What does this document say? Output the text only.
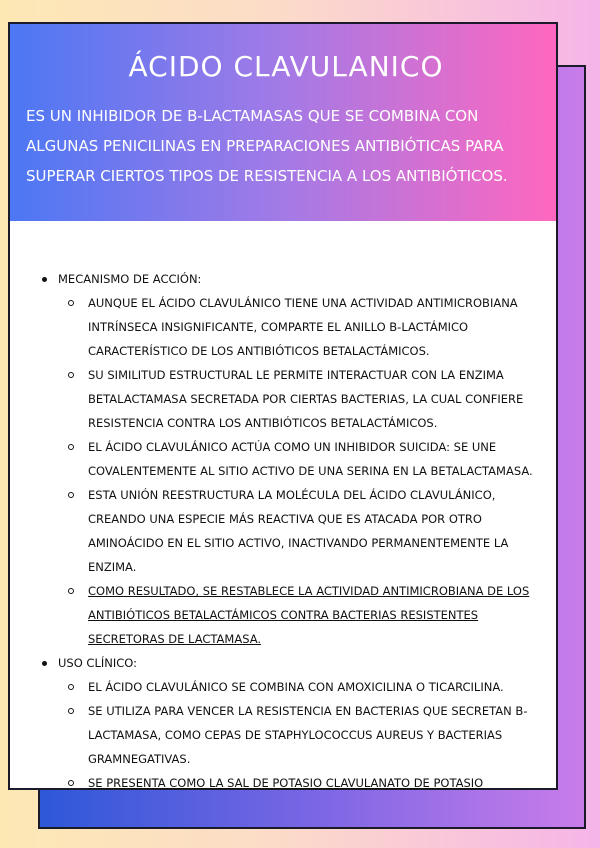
ÁCIDO CLAVULANICO

ES UN INHIBIDOR DE B-LACTAMASAS QUE SE COMBINA CON ALGUNAS PENICILINAS EN PREPARACIONES ANTIBIÓTICAS PARA SUPERAR CIERTOS TIPOS DE RESISTENCIA A LOS ANTIBIÓTICOS.

MECANISMO DE ACCIÓN:
AUNQUE EL ÁCIDO CLAVULÁNICO TIENE UNA ACTIVIDAD ANTIMICROBIANA INTRÍNSECA INSIGNIFICANTE, COMPARTE EL ANILLO B-LACTÁMICO CARACTERÍSTICO DE LOS ANTIBIÓTICOS BETALACTÁMICOS.
SU SIMILITUD ESTRUCTURAL LE PERMITE INTERACTUAR CON LA ENZIMA BETALACTAMASA SECRETADA POR CIERTAS BACTERIAS, LA CUAL CONFIERE RESISTENCIA CONTRA LOS ANTIBIÓTICOS BETALACTÁMICOS.
EL ÁCIDO CLAVULÁNICO ACTÚA COMO UN INHIBIDOR SUICIDA: SE UNE COVALENTEMENTE AL SITIO ACTIVO DE UNA SERINA EN LA BETALACTAMASA.
ESTA UNIÓN REESTRUCTURA LA MOLÉCULA DEL ÁCIDO CLAVULÁNICO, CREANDO UNA ESPECIE MÁS REACTIVA QUE ES ATACADA POR OTRO AMINOÁCIDO EN EL SITIO ACTIVO, INACTIVANDO PERMANENTEMENTE LA ENZIMA.
COMO RESULTADO, SE RESTABLECE LA ACTIVIDAD ANTIMICROBIANA DE LOS ANTIBIÓTICOS BETALACTÁMICOS CONTRA BACTERIAS RESISTENTES SECRETORAS DE LACTAMASA.
USO CLÍNICO:
EL ÁCIDO CLAVULÁNICO SE COMBINA CON AMOXICILINA O TICARCILINA.
SE UTILIZA PARA VENCER LA RESISTENCIA EN BACTERIAS QUE SECRETAN B-LACTAMASA, COMO CEPAS DE STAPHYLOCOCCUS AUREUS Y BACTERIAS GRAMNEGATIVAS.
SE PRESENTA COMO LA SAL DE POTASIO CLAVULANATO DE POTASIO
